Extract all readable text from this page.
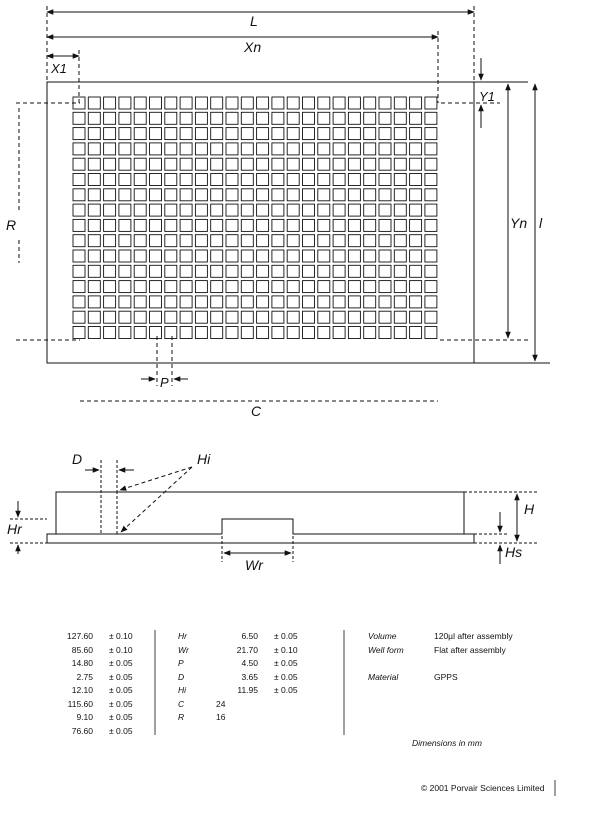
L
Xn
X1
Y1
Yn l
R
P
C
D	Hi
H
Hr
Hs
Wr
127.60 ± 0.10
85.60 ± 0.10
14.80 ± 0.05
2.75 ± 0.05
12.10 ± 0.05
115.60 ± 0.05
9.10 ± 0.05
76.60 ± 0.05
Hr	6.50 ± 0.05
Wr	21.70 ± 0.10
P	4.50 ± 0.05
D	3.65 ± 0.05
Hi	11.95 ± 0.05
C	24
R	16
Volume	120µl after assembly
Well form	Flat after assembly
Material	GPPS
Dimensions in mm
© 2001 Porvair Sciences Limited
